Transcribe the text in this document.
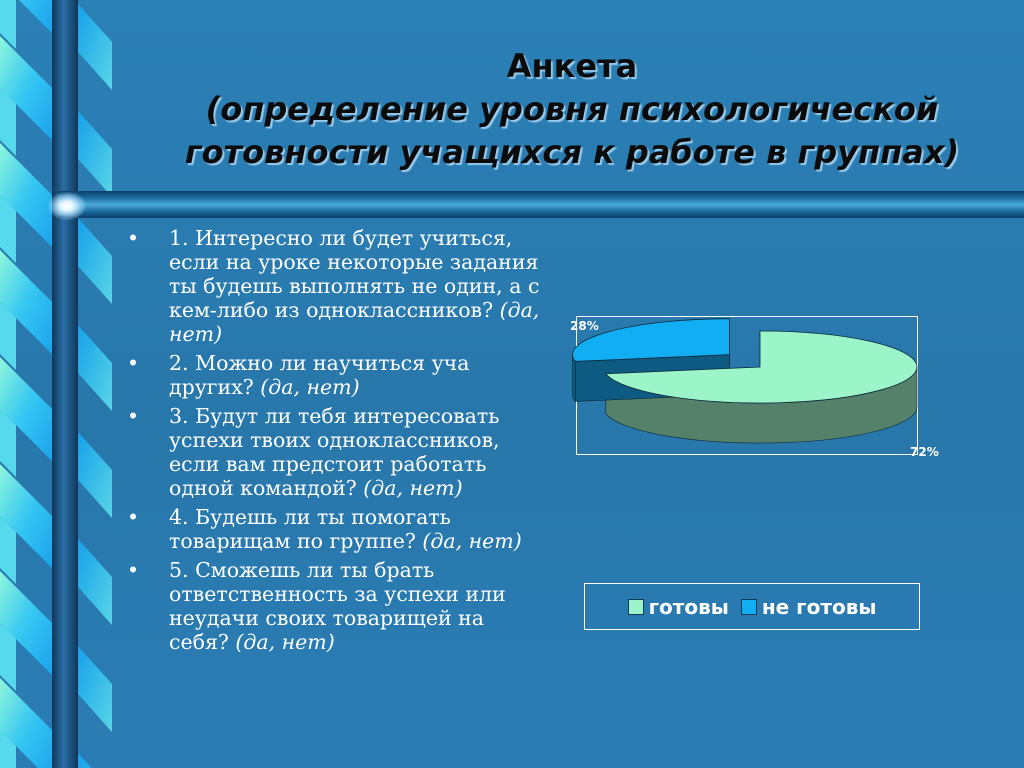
Анкета
(определение уровня психологической
готовности учащихся к работе в группах)
• 1. Интересно ли будет учиться, если на уроке некоторые задания ты будешь выполнять не один, а с кем-либо из одноклассников? (да, нет)
• 2. Можно ли научиться уча других? (да, нет)
• 3. Будут ли тебя интересовать успехи твоих одноклассников, если вам предстоит работать одной командой? (да, нет)
• 4. Будешь ли ты помогать товарищам по группе? (да, нет)
• 5. Сможешь ли ты брать ответственность за успехи или неудачи своих товарищей на себя? (да, нет)
72%
28%
готовы не готовы
